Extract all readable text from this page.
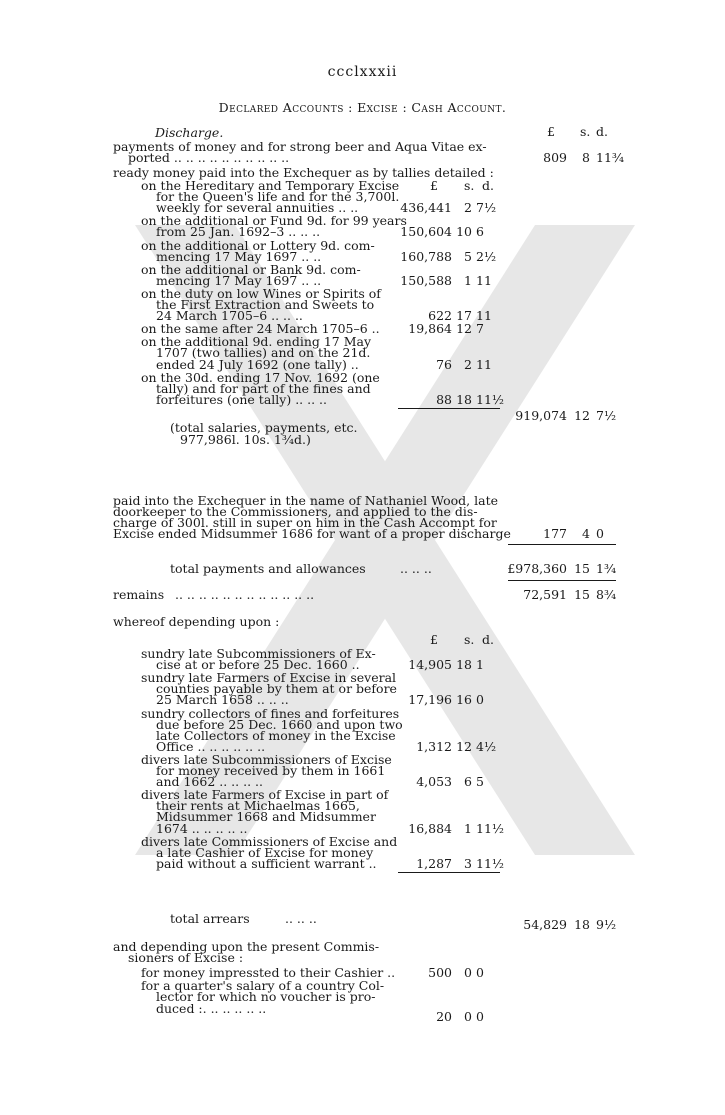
ccclxxxii
Declared Accounts : Excise : Cash Account.
£ s. d.
Discharge.
payments of money and for strong beer and Aqua Vitae ex-
ported .. .. .. .. .. .. .. .. .. ..	809	8 11¾
ready money paid into the Exchequer as by tallies detailed :
£ s. d.
on the Hereditary and Temporary Excise
for the Queen's life and for the 3,700l.
weekly for several annuities .. ..	436,441 2 7½
on the additional or Fund 9d. for 99 years
from 25 Jan. 1692–3 .. .. ..	150,604 10 6
on the additional or Lottery 9d. com-
mencing 17 May 1697 .. ..	160,788 5 2½
on the additional or Bank 9d. com-
mencing 17 May 1697 .. ..	150,588 1 11
on the duty on low Wines or Spirits of
the First Extraction and Sweets to
24 March 1705–6 .. .. ..	622 17 11
on the same after 24 March 1705–6 ..	19,864 12 7
on the additional 9d. ending 17 May
1707 (two tallies) and on the 21d.
ended 24 July 1692 (one tally) ..	76 2 11
on the 30d. ending 17 Nov. 1692 (one
tally) and for part of the fines and
forfeitures (one tally) .. .. ..	88 18 11½
919,074 12 7½
(total salaries, payments, etc.
977,986l. 10s. 1¾d.)
paid into the Exchequer in the name of Nathaniel Wood, late
doorkeeper to the Commissioners, and applied to the dis-
charge of 300l. still in super on him in the Cash Accompt for
Excise ended Midsummer 1686 for want of a proper discharge	177	4 0
total payments and allowances	.. .. ..	£978,360 15 1¾
remains .. .. .. .. .. .. .. .. .. .. .. ..	72,591 15 8¾
whereof depending upon :
£ s. d.
sundry late Subcommissioners of Ex-
cise at or before 25 Dec. 1660 ..	14,905 18 1
sundry late Farmers of Excise in several
counties payable by them at or before
25 March 1658 .. .. ..	17,196 16 0
sundry collectors of fines and forfeitures
due before 25 Dec. 1660 and upon two
late Collectors of money in the Excise
Office .. .. .. .. .. ..	1,312 12 4½
divers late Subcommissioners of Excise
for money received by them in 1661
and 1662 .. .. .. ..	4,053 6 5
divers late Farmers of Excise in part of
their rents at Michaelmas 1665,
Midsummer 1668 and Midsummer
1674 .. .. .. .. ..	16,884 1 11½
divers late Commissioners of Excise and
a late Cashier of Excise for money
paid without a sufficient warrant ..	1,287 3 11½
total arrears	.. .. ..	54,829 18 9½
and depending upon the present Commis-
sioners of Excise :
for money impressted to their Cashier ..	500 0 0
for a quarter's salary of a country Col-
lector for which no voucher is pro-
duced :. .. .. .. .. ..
20 0 0
